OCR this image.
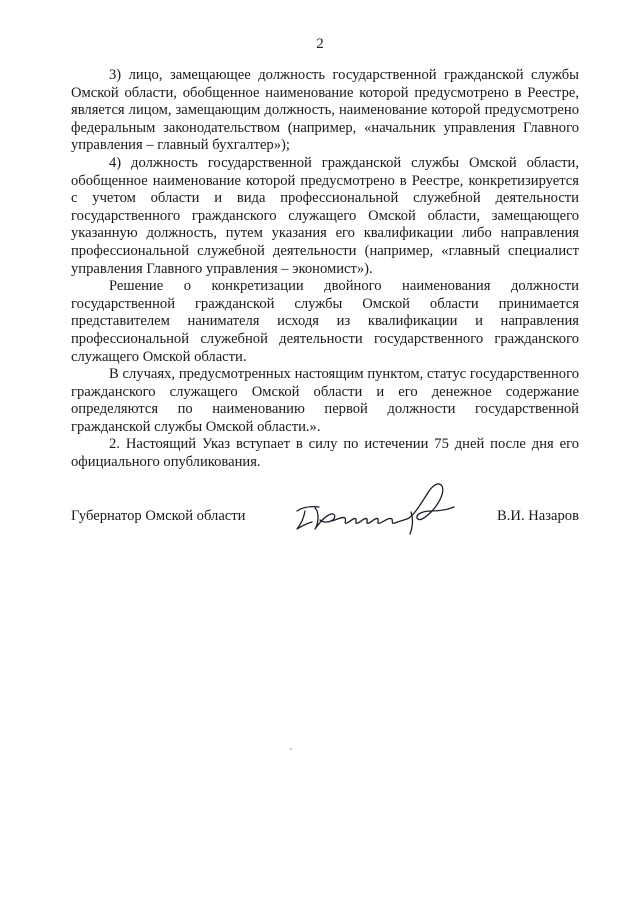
2

3) лицо, замещающее должность государственной гражданской службы Омской области, обобщенное наименование которой предусмотрено в Реестре, является лицом, замещающим должность, наименование которой предусмотрено федеральным законодательством (например, «начальник управления Главного управления – главный бухгалтер»);

4) должность государственной гражданской службы Омской области, обобщенное наименование которой предусмотрено в Реестре, конкретизируется с учетом области и вида профессиональной служебной деятельности государственного гражданского служащего Омской области, замещающего указанную должность, путем указания его квалификации либо направления профессиональной служебной деятельности (например, «главный специалист управления Главного управления – экономист»).

Решение о конкретизации двойного наименования должности государственной гражданской службы Омской области принимается представителем нанимателя исходя из квалификации и направления профессиональной служебной деятельности государственного гражданского служащего Омской области.

В случаях, предусмотренных настоящим пунктом, статус государственного гражданского служащего Омской области и его денежное содержание определяются по наименованию первой должности государственной гражданской службы Омской области.».

2. Настоящий Указ вступает в силу по истечении 75 дней после дня его официального опубликования.

Губернатор Омской области	В.И. Назаров
